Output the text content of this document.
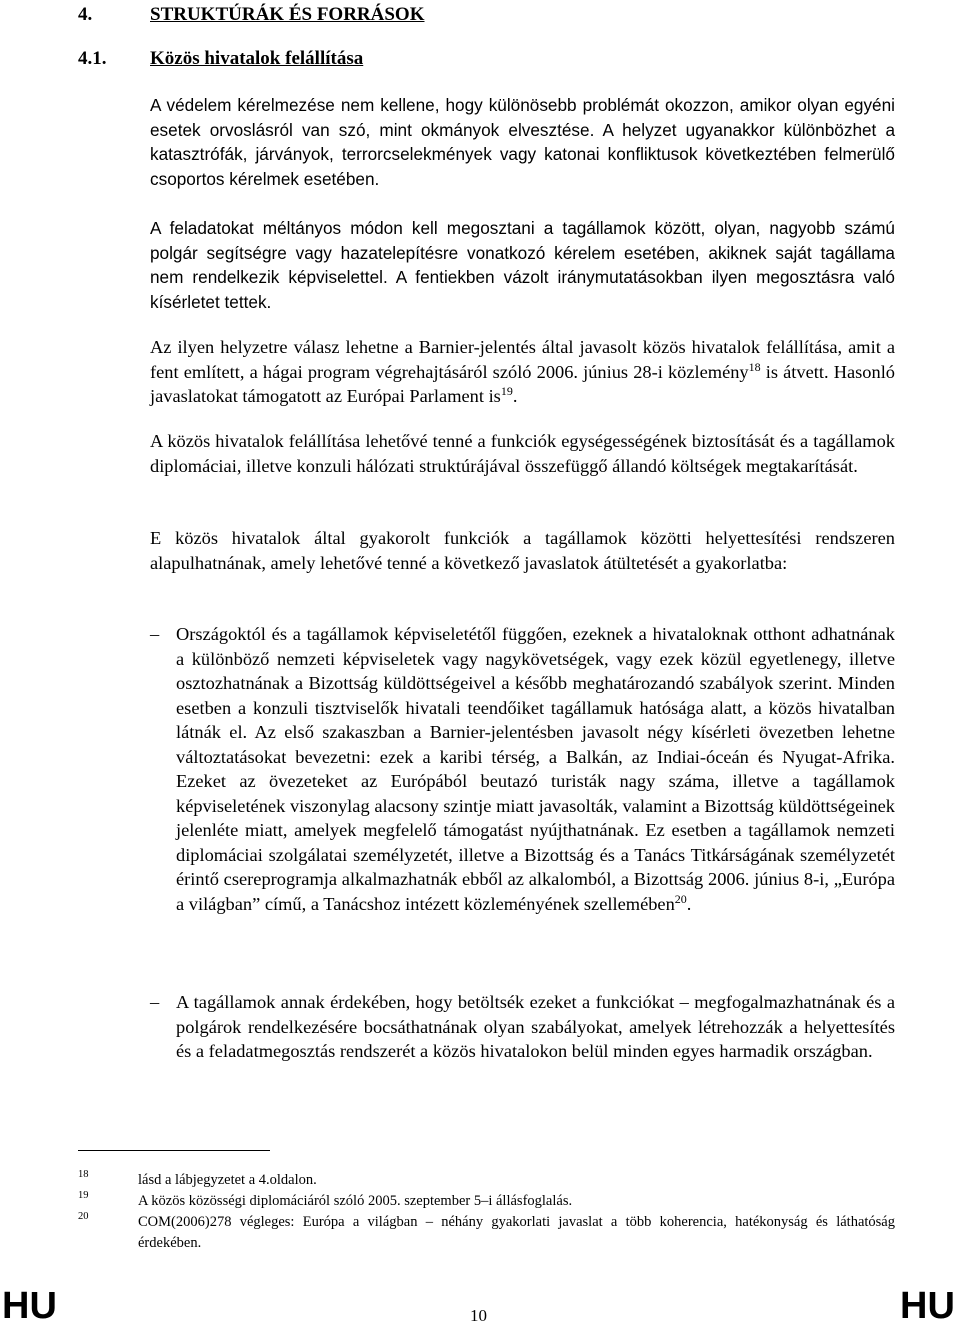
4.	STRUKTÚRÁK ÉS FORRÁSOK
4.1. Közös hivatalok felállítása

A védelem kérelmezése nem kellene, hogy különösebb problémát okozzon, amikor olyan egyéni esetek orvoslásról van szó, mint okmányok elvesztése. A helyzet ugyanakkor különbözhet a katasztrófák, járványok, terrorcselekmények vagy katonai konfliktusok következtében felmerülő csoportos kérelmek esetében.

A feladatokat méltányos módon kell megosztani a tagállamok között, olyan, nagyobb számú polgár segítségre vagy hazatelepítésre vonatkozó kérelem esetében, akiknek saját tagállama nem rendelkezik képviselettel. A fentiekben vázolt iránymutatásokban ilyen megosztásra való kísérletet tettek.

Az ilyen helyzetre válasz lehetne a Barnier-jelentés által javasolt közös hivatalok felállítása, amit a fent említett, a hágai program végrehajtásáról szóló 2006. június 28-i közlemény$^{18}$ is átvett. Hasonló javaslatokat támogatott az Európai Parlament $is^{19}$.

A közös hivatalok felállítása lehetővé tenné a funkciók egységességének biztosítását és a tagállamok diplomáciai, illetve konzuli hálózati struktúrájával összefüggő állandó költségek megtakarítását.

E közös hivatalok által gyakorolt funkciók a tagállamok közötti helyettesítési rendszeren alapulhatnának, amely lehetővé tenné a következő javaslatok átültetését a gyakorlatba:

– Országoktól és a tagállamok képviseletétől függően, ezeknek a hivataloknak otthont adhatnának a különböző nemzeti képviseletek vagy nagykövetségek, vagy ezek közül egyetlenegy, illetve osztozhatnának a Bizottság küldöttségeivel a később meghatározandó szabályok szerint. Minden esetben a konzuli tisztviselők hivatali teendőiket tagállamuk hatósága alatt, a közös hivatalban látnák el. Az első szakaszban a Barnier-jelentésben javasolt négy kísérleti övezetben lehetne változtatásokat bevezetni: ezek a karibi térség, a Balkán, az Indiai-óceán és Nyugat-Afrika. Ezeket az övezeteket az Európából beutazó turisták nagy száma, illetve a tagállamok képviseletének viszonylag alacsony szintje miatt javasolták, valamint a Bizottság küldöttségeinek jelenléte miatt, amelyek megfelelő támogatást nyújthatnának. Ez esetben a tagállamok nemzeti diplomáciai szolgálatai személyzetét, illetve a Bizottság és a Tanács Titkárságának személyzetét érintő csereprogramja alkalmazhatnák ebből az alkalomból, a Bizottság 2006. június 8-i, „Európa a világban” című, a Tanácshoz intézett közleményének szellemében$^{20}$.

– A tagállamok annak érdekében, hogy betöltsék ezeket a funkciókat – megfogalmazhatnának és a polgárok rendelkezésére bocsáthatnának olyan szabályokat, amelyek létrehozzák a helyettesítés és a feladatmegosztás rendszerét a közös hivatalokon belül minden egyes harmadik országban.

18	lásd a lábjegyzetet a 4.oldalon.

19	A közös közösségi diplomáciáról szóló 2005. szeptember 5–i állásfoglalás.

20	COM(2006)278 végleges: Európa a világban – néhány gyakorlati javaslat a több koherencia, hatékonyság és láthatóság érdekében.

HU	10	HU
